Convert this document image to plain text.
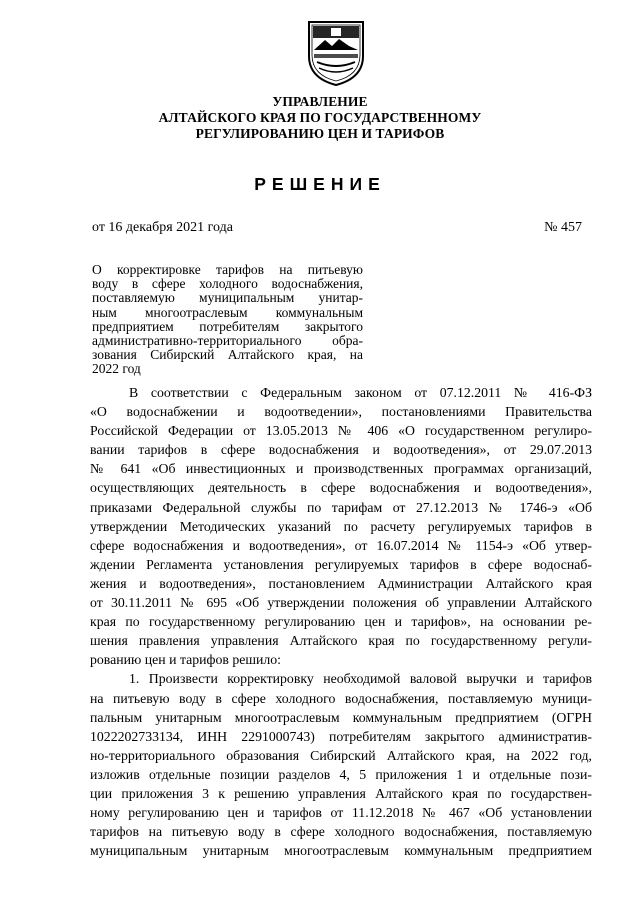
УПРАВЛЕНИЕ
АЛТАЙСКОГО КРАЯ ПО ГОСУДАРСТВЕННОМУ
РЕГУЛИРОВАНИЮ ЦЕН И ТАРИФОВ
РЕШЕНИЕ
от 16 декабря 2021 года	№ 457
О корректировке тарифов на питьевую
воду в сфере холодного водоснабжения,
поставляемую муниципальным унитар-
ным многоотраслевым коммунальным
предприятием потребителям закрытого
административно-территориального обра-
зования Сибирский Алтайского края, на
2022 год
В соответствии с Федеральным законом от 07.12.2011 № 416-ФЗ
«О водоснабжении и водоотведении», постановлениями Правительства
Российской Федерации от 13.05.2013 № 406 «О государственном регулиро-
вании тарифов в сфере водоснабжения и водоотведения», от 29.07.2013
№ 641 «Об инвестиционных и производственных программах организаций,
осуществляющих деятельность в сфере водоснабжения и водоотведения»,
приказами Федеральной службы по тарифам от 27.12.2013 № 1746-э «Об
утверждении Методических указаний по расчету регулируемых тарифов в
сфере водоснабжения и водоотведения», от 16.07.2014 № 1154-э «Об утвер-
ждении Регламента установления регулируемых тарифов в сфере водоснаб-
жения и водоотведения», постановлением Администрации Алтайского края
от 30.11.2011 № 695 «Об утверждении положения об управлении Алтайского
края по государственному регулированию цен и тарифов», на основании ре-
шения правления управления Алтайского края по государственному регули-
рованию цен и тарифов решило:
1. Произвести корректировку необходимой валовой выручки и тарифов
на питьевую воду в сфере холодного водоснабжения, поставляемую муници-
пальным унитарным многоотраслевым коммунальным предприятием (ОГРН
1022202733134, ИНН 2291000743) потребителям закрытого административ-
но-территориального образования Сибирский Алтайского края, на 2022 год,
изложив отдельные позиции разделов 4, 5 приложения 1 и отдельные пози-
ции приложения 3 к решению управления Алтайского края по государствен-
ному регулированию цен и тарифов от 11.12.2018 № 467 «Об установлении
тарифов на питьевую воду в сфере холодного водоснабжения, поставляемую
муниципальным унитарным многоотраслевым коммунальным предприятием
